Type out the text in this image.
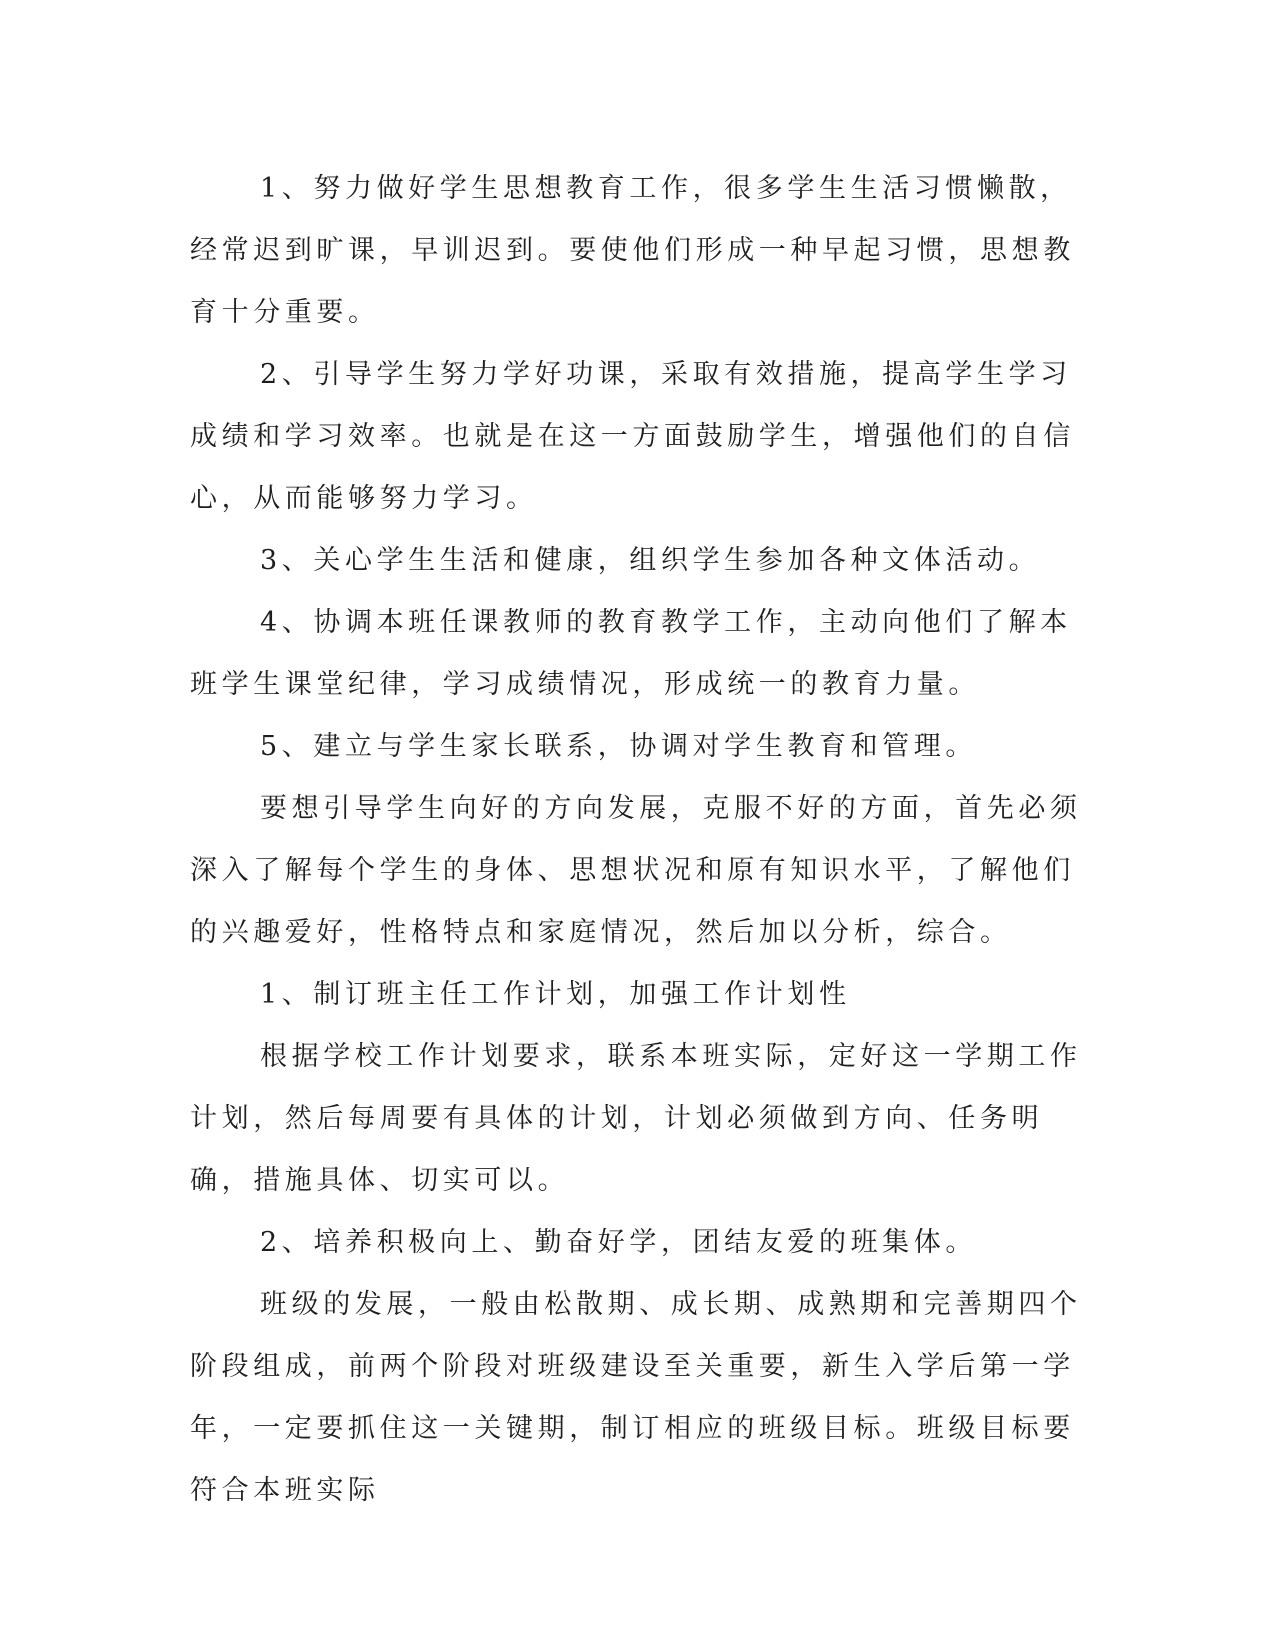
1、努力做好学生思想教育工作，很多学生生活习惯懒散，经常迟到旷课，早训迟到。要使他们形成一种早起习惯，思想教育十分重要。

2、引导学生努力学好功课，采取有效措施，提高学生学习成绩和学习效率。也就是在这一方面鼓励学生，增强他们的自信心，从而能够努力学习。

3、关心学生生活和健康，组织学生参加各种文体活动。

4、协调本班任课教师的教育教学工作，主动向他们了解本班学生课堂纪律，学习成绩情况，形成统一的教育力量。

5、建立与学生家长联系，协调对学生教育和管理。

要想引导学生向好的方向发展，克服不好的方面，首先必须深入了解每个学生的身体、思想状况和原有知识水平，了解他们的兴趣爱好，性格特点和家庭情况，然后加以分析，综合。

1、制订班主任工作计划，加强工作计划性

根据学校工作计划要求，联系本班实际，定好这一学期工作计划，然后每周要有具体的计划，计划必须做到方向、任务明确，措施具体、切实可以。

2、培养积极向上、勤奋好学，团结友爱的班集体。

班级的发展，一般由松散期、成长期、成熟期和完善期四个阶段组成，前两个阶段对班级建设至关重要，新生入学后第一学年，一定要抓住这一关键期，制订相应的班级目标。班级目标要符合本班实际
